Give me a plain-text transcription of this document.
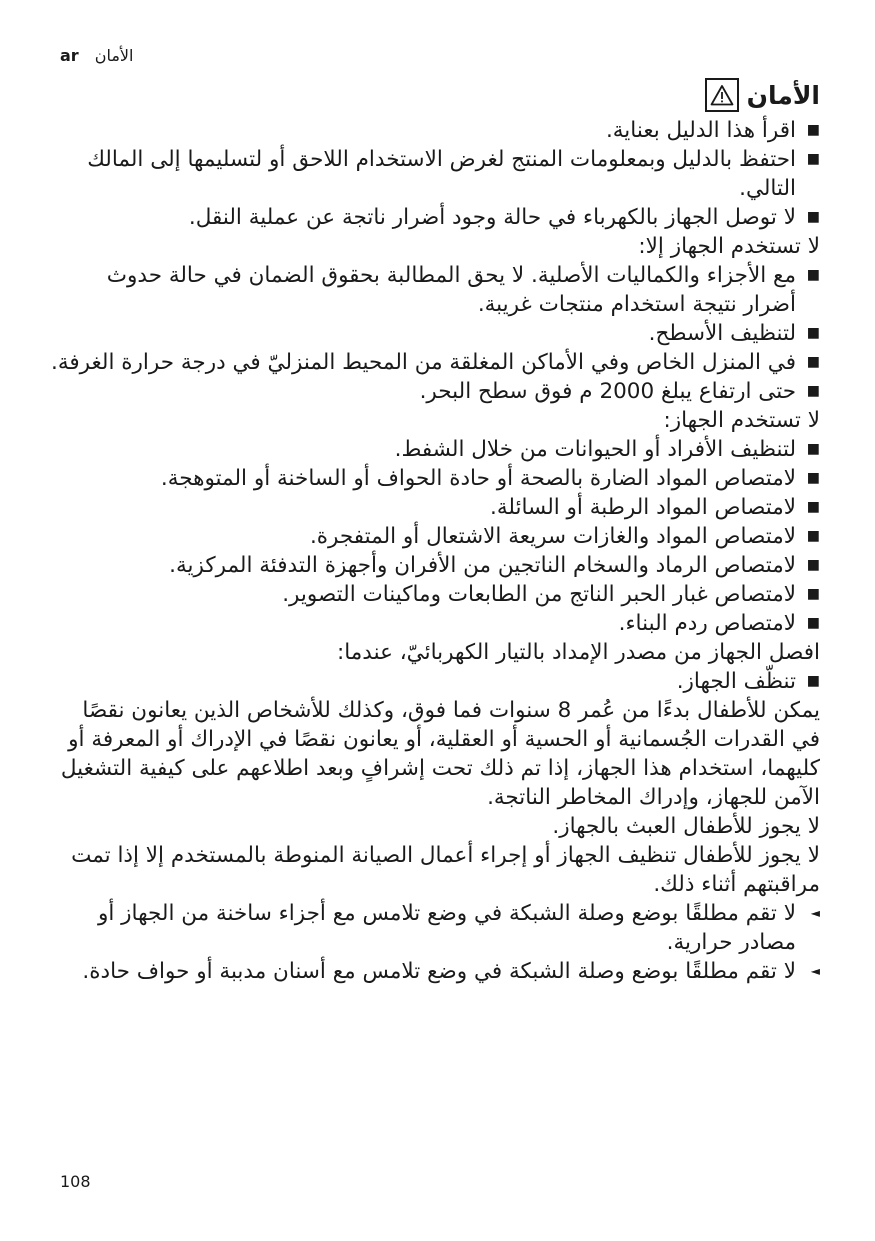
ar الأمان
الأمان
■
اقرأ هذا الدليل بعناية.
■
احتفظ بالدليل وبمعلومات المنتج لغرض الاستخدام اللاحق أو لتسليمها إلى المالك التالي.
■
لا توصل الجهاز بالكهرباء في حالة وجود أضرار ناتجة عن عملية النقل.

لا تستخدم الجهاز إلا:

■
مع الأجزاء والكماليات الأصلية. لا يحق المطالبة بحقوق الضمان في حالة حدوث أضرار نتيجة استخدام منتجات غريبة.
■
لتنظيف الأسطح.
■
في المنزل الخاص وفي الأماكن المغلقة من المحيط المنزليّ في درجة حرارة الغرفة.
■
حتى ارتفاع يبلغ 2000 م فوق سطح البحر.

لا تستخدم الجهاز:

■
لتنظيف الأفراد أو الحيوانات من خلال الشفط.
■
لامتصاص المواد الضارة بالصحة أو حادة الحواف أو الساخنة أو المتوهجة.
■
لامتصاص المواد الرطبة أو السائلة.
■
لامتصاص المواد والغازات سريعة الاشتعال أو المتفجرة.
■
لامتصاص الرماد والسخام الناتجين من الأفران وأجهزة التدفئة المركزية.
■
لامتصاص غبار الحبر الناتج من الطابعات وماكينات التصوير.
■
لامتصاص ردم البناء.

افصل الجهاز من مصدر الإمداد بالتيار الكهربائيّ، عندما:

■
تنظّف الجهاز.

يمكن للأطفال بدءًا من عُمر 8 سنوات فما فوق، وكذلك للأشخاص الذين يعانون نقصًا في القدرات الجُسمانية أو الحسية أو العقلية، أو يعانون نقصًا في الإدراك أو المعرفة أو كليهما، استخدام هذا الجهاز، إذا تم ذلك تحت إشرافٍ وبعد اطلاعهم على كيفية التشغيل الآمن للجهاز، وإدراك المخاطر الناتجة.

لا يجوز للأطفال العبث بالجهاز.

لا يجوز للأطفال تنظيف الجهاز أو إجراء أعمال الصيانة المنوطة بالمستخدم إلا إذا تمت مراقبتهم أثناء ذلك.

◄
لا تقم مطلقًا بوضع وصلة الشبكة في وضع تلامس مع أجزاء ساخنة من الجهاز أو مصادر حرارية.
◄
لا تقم مطلقًا بوضع وصلة الشبكة في وضع تلامس مع أسنان مدببة أو حواف حادة.
108
